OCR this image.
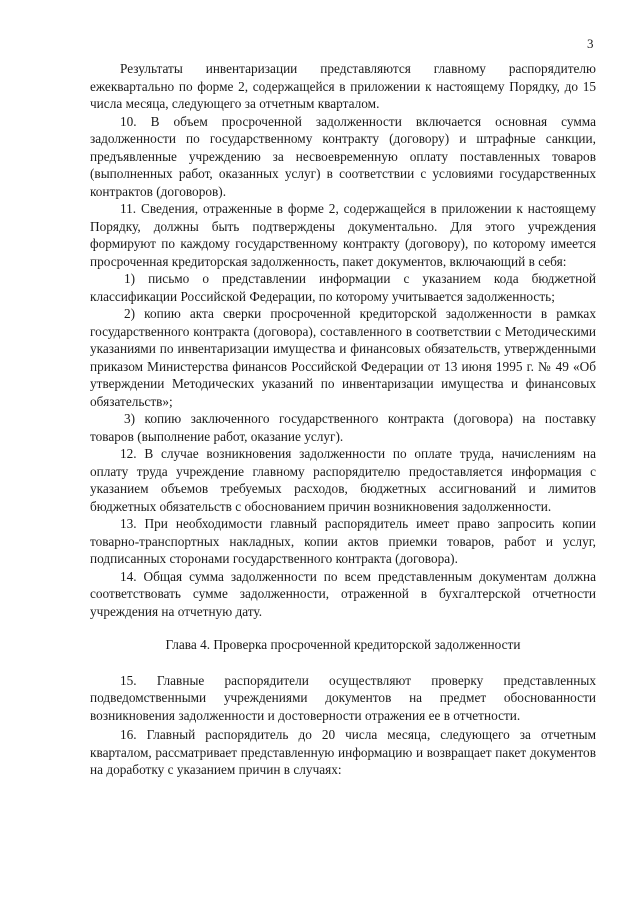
3

Результаты инвентаризации представляются главному распорядителю ежеквартально по форме 2, содержащейся в приложении к настоящему Порядку, до 15 числа месяца, следующего за отчетным кварталом.

10. В объем просроченной задолженности включается основная сумма задолженности по государственному контракту (договору) и штрафные санкции, предъявленные учреждению за несвоевременную оплату поставленных товаров (выполненных работ, оказанных услуг) в соответствии с условиями государственных контрактов (договоров).

11. Сведения, отраженные в форме 2, содержащейся в приложении к настоящему Порядку, должны быть подтверждены документально. Для этого учреждения формируют по каждому государственному контракту (договору), по которому имеется просроченная кредиторская задолженность, пакет документов, включающий в себя:

1) письмо о представлении информации с указанием кода бюджетной классификации Российской Федерации, по которому учитывается задолженность;

2) копию акта сверки просроченной кредиторской задолженности в рамках государственного контракта (договора), составленного в соответствии с Методическими указаниями по инвентаризации имущества и финансовых обязательств, утвержденными приказом Министерства финансов Российской Федерации от 13 июня 1995 г. № 49 «Об утверждении Методических указаний по инвентаризации имущества и финансовых обязательств»;

3) копию заключенного государственного контракта (договора) на поставку товаров (выполнение работ, оказание услуг).

12. В случае возникновения задолженности по оплате труда, начислениям на оплату труда учреждение главному распорядителю предоставляется информация с указанием объемов требуемых расходов, бюджетных ассигнований и лимитов бюджетных обязательств с обоснованием причин возникновения задолженности.

13. При необходимости главный распорядитель имеет право запросить копии товарно-транспортных накладных, копии актов приемки товаров, работ и услуг, подписанных сторонами государственного контракта (договора).

14. Общая сумма задолженности по всем представленным документам должна соответствовать сумме задолженности, отраженной в бухгалтерской отчетности учреждения на отчетную дату.

Глава 4. Проверка просроченной кредиторской задолженности

15. Главные распорядители осуществляют проверку представленных подведомственными учреждениями документов на предмет обоснованности возникновения задолженности и достоверности отражения ее в отчетности.

16. Главный распорядитель до 20 числа месяца, следующего за отчетным кварталом, рассматривает представленную информацию и возвращает пакет документов на доработку с указанием причин в случаях:
